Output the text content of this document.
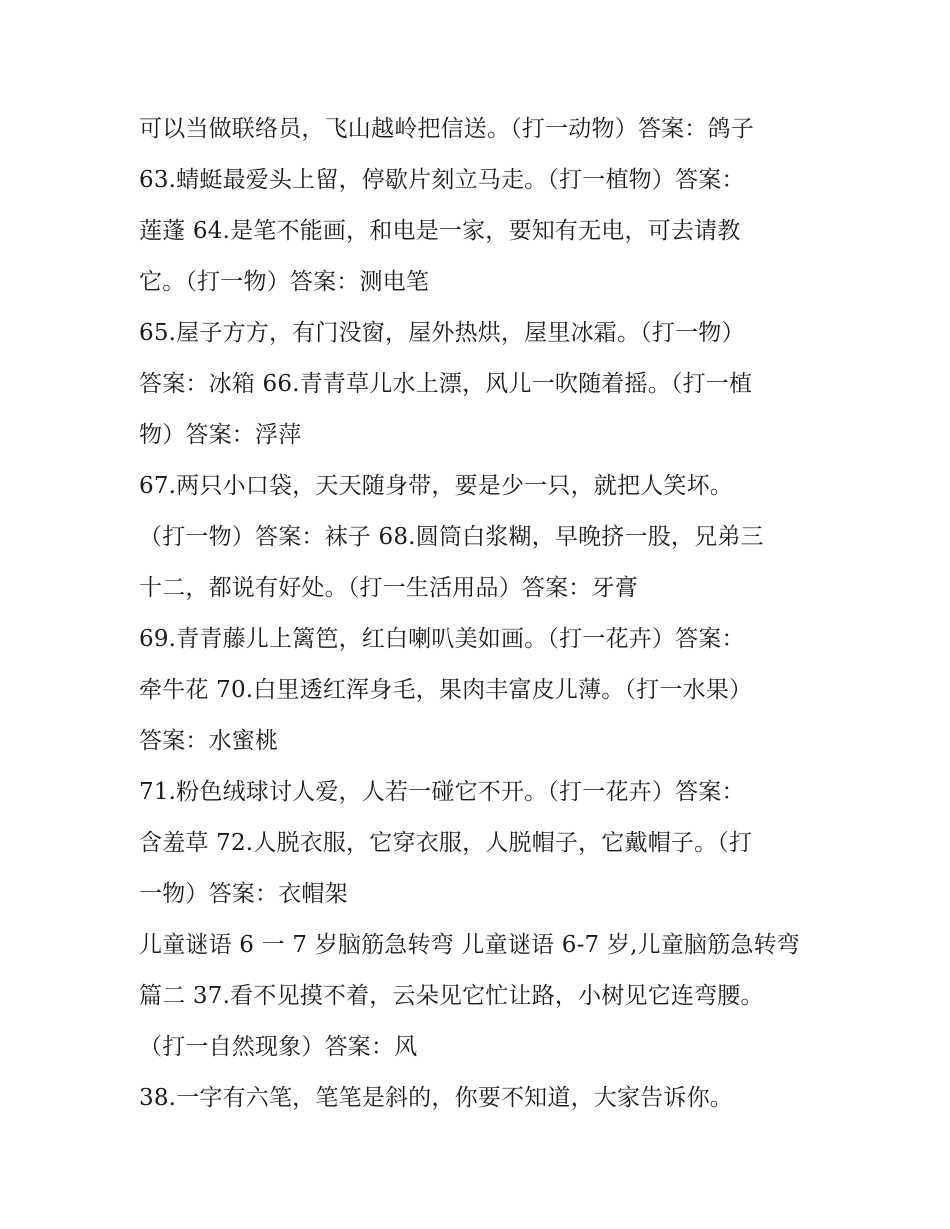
可以当做联络员，飞山越岭把信送。（打一动物）答案：鸽子
63.蜻蜓最爱头上留，停歇片刻立马走。（打一植物）答案：
莲蓬 64.是笔不能画，和电是一家，要知有无电，可去请教
它。（打一物）答案：测电笔
65.屋子方方，有门没窗，屋外热烘，屋里冰霜。（打一物）
答案：冰箱 66.青青草儿水上漂，风儿一吹随着摇。（打一植
物）答案：浮萍
67.两只小口袋，天天随身带，要是少一只，就把人笑坏。
（打一物）答案：袜子 68.圆筒白浆糊，早晚挤一股，兄弟三
十二，都说有好处。（打一生活用品）答案：牙膏
69.青青藤儿上篱笆，红白喇叭美如画。（打一花卉）答案：
牵牛花 70.白里透红浑身毛，果肉丰富皮儿薄。（打一水果）
答案：水蜜桃
71.粉色绒球讨人爱，人若一碰它不开。（打一花卉）答案：
含羞草 72.人脱衣服，它穿衣服，人脱帽子，它戴帽子。（打
一物）答案：衣帽架
儿童谜语 6 一 7 岁脑筋急转弯 儿童谜语 6-7 岁,儿童脑筋急转弯
篇二 37.看不见摸不着，云朵见它忙让路，小树见它连弯腰。
（打一自然现象）答案：风
38.一字有六笔，笔笔是斜的，你要不知道，大家告诉你。
